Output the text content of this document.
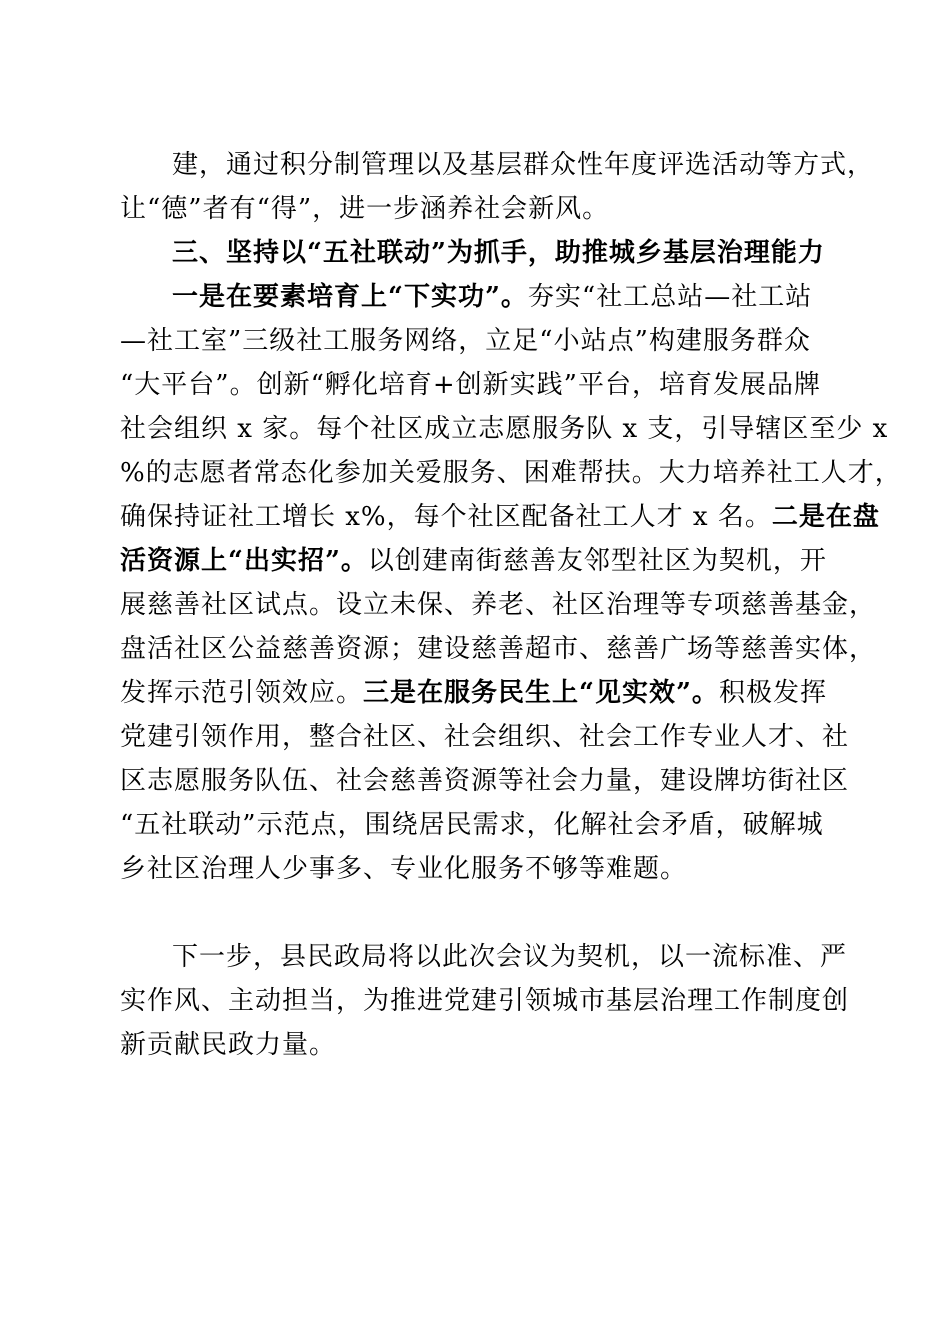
建，通过积分制管理以及基层群众性年度评选活动等方式，
让“德”者有“得”，进一步涵养社会新风。
三、坚持以“五社联动”为抓手，助推城乡基层治理能力
一是在要素培育上“下实功”。夯实“社工总站—社工站
—社工室”三级社工服务网络，立足“小站点”构建服务群众
“大平台”。创新“孵化培育+创新实践”平台，培育发展品牌
社会组织 x 家。每个社区成立志愿服务队 x 支，引导辖区至少 x
%的志愿者常态化参加关爱服务、困难帮扶。大力培养社工人才，
确保持证社工增长 x%，每个社区配备社工人才 x 名。二是在盘
活资源上“出实招”。以创建南街慈善友邻型社区为契机，开
展慈善社区试点。设立未保、养老、社区治理等专项慈善基金，
盘活社区公益慈善资源；建设慈善超市、慈善广场等慈善实体，
发挥示范引领效应。三是在服务民生上“见实效”。积极发挥
党建引领作用，整合社区、社会组织、社会工作专业人才、社
区志愿服务队伍、社会慈善资源等社会力量，建设牌坊街社区
“五社联动”示范点，围绕居民需求，化解社会矛盾，破解城
乡社区治理人少事多、专业化服务不够等难题。
下一步，县民政局将以此次会议为契机，以一流标准、严
实作风、主动担当，为推进党建引领城市基层治理工作制度创
新贡献民政力量。
